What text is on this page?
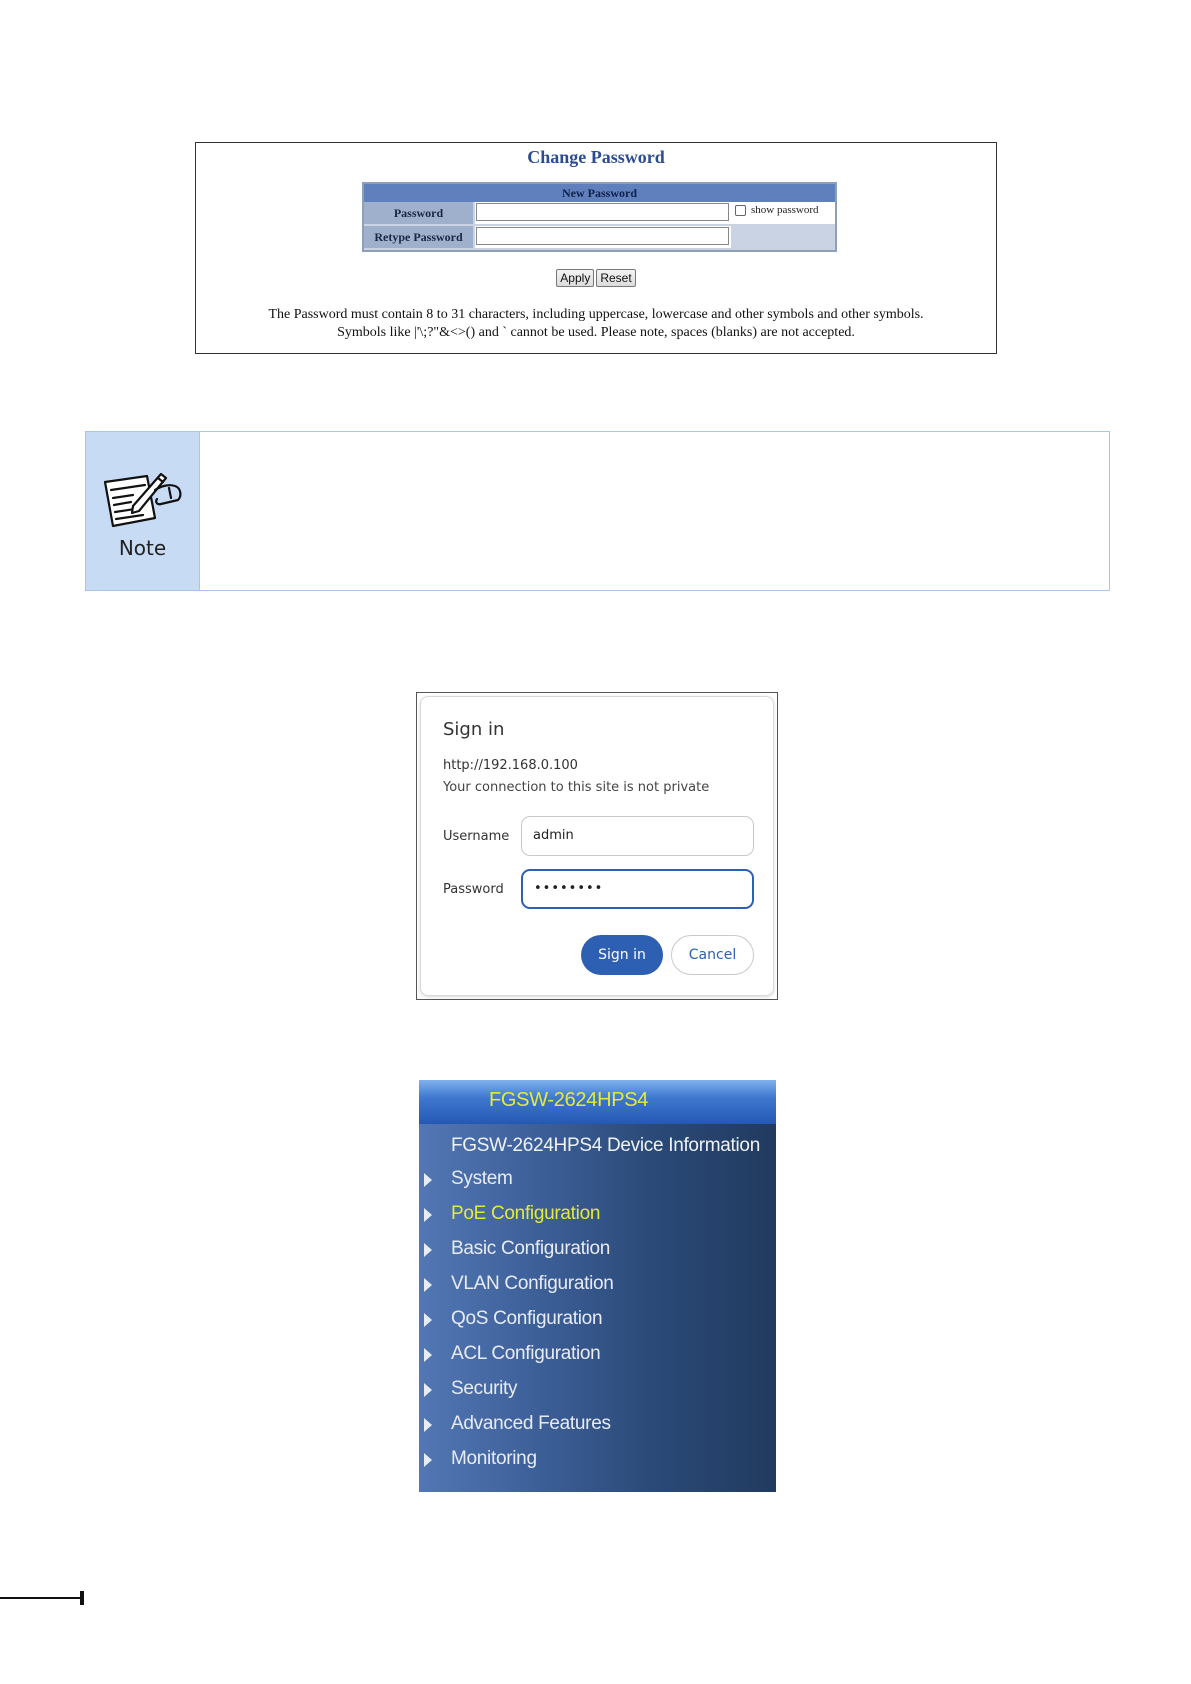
Change Password
New Password
Password	show password
Retype Password
Apply Reset
The Password must contain 8 to 31 characters, including uppercase, lowercase and other symbols and other symbols.
Symbols like |'\;?"&<>() and ` cannot be used. Please note, spaces (blanks) are not accepted.
Note
Sign in
http://192.168.0.100
Your connection to this site is not private
Username	admin
Password	••••••••
Sign in	Cancel
FGSW-2624HPS4
FGSW-2624HPS4 Device Information
System
PoE Configuration
Basic Configuration
VLAN Configuration
QoS Configuration
ACL Configuration
Security
Advanced Features
Monitoring
